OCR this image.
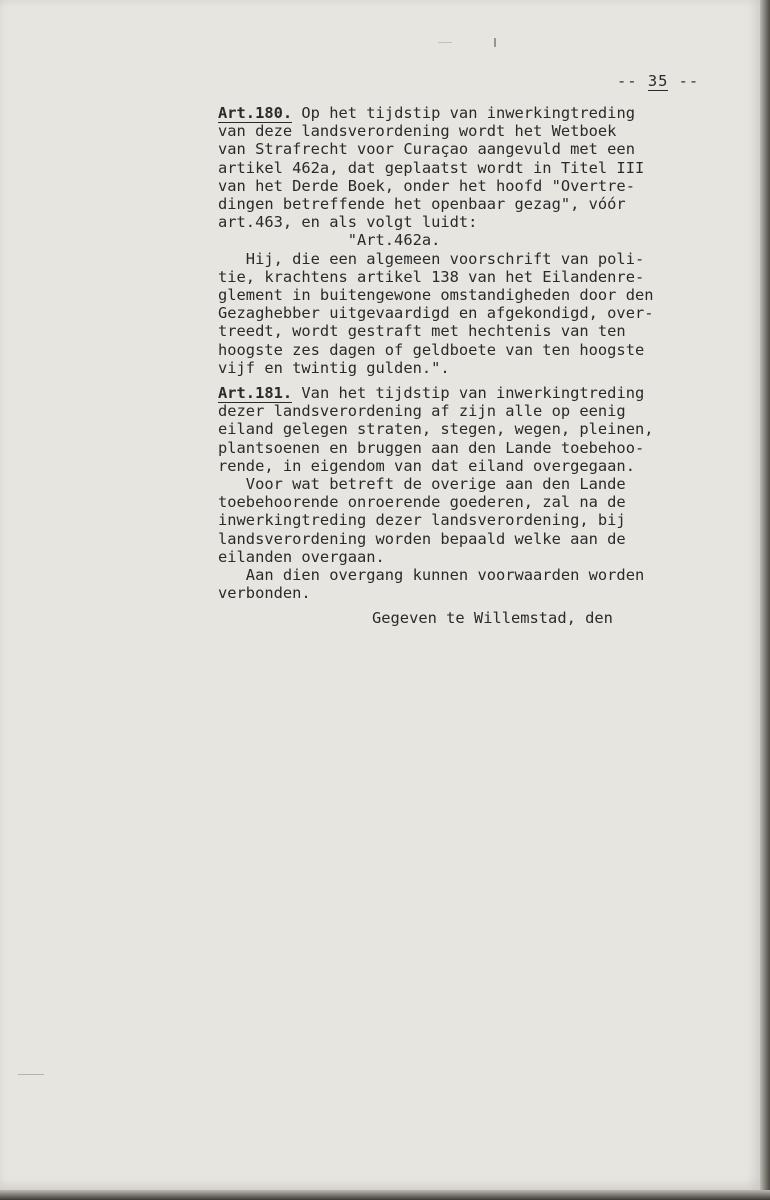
-- 35 --

Art.180. Op het tijdstip van inwerkingtreding
van deze landsverordening wordt het Wetboek
van Strafrecht voor Curaçao aangevuld met een
artikel 462a, dat geplaatst wordt in Titel III
van het Derde Boek, onder het hoofd "Overtre-
dingen betreffende het openbaar gezag", vóór
art.463, en als volgt luidt:
"Art.462a.
Hij, die een algemeen voorschrift van poli-
tie, krachtens artikel 138 van het Eilandenre-
glement in buitengewone omstandigheden door den
Gezaghebber uitgevaardigd en afgekondigd, over-
treedt, wordt gestraft met hechtenis van ten
hoogste zes dagen of geldboete van ten hoogste
vijf en twintig gulden.".
Art.181. Van het tijdstip van inwerkingtreding
dezer landsverordening af zijn alle op eenig
eiland gelegen straten, stegen, wegen, pleinen,
plantsoenen en bruggen aan den Lande toebehoo-
rende, in eigendom van dat eiland overgegaan.
Voor wat betreft de overige aan den Lande
toebehoorende onroerende goederen, zal na de
inwerkingtreding dezer landsverordening, bij
landsverordening worden bepaald welke aan de
eilanden overgaan.
Aan dien overgang kunnen voorwaarden worden
verbonden.

Gegeven te Willemstad, den
